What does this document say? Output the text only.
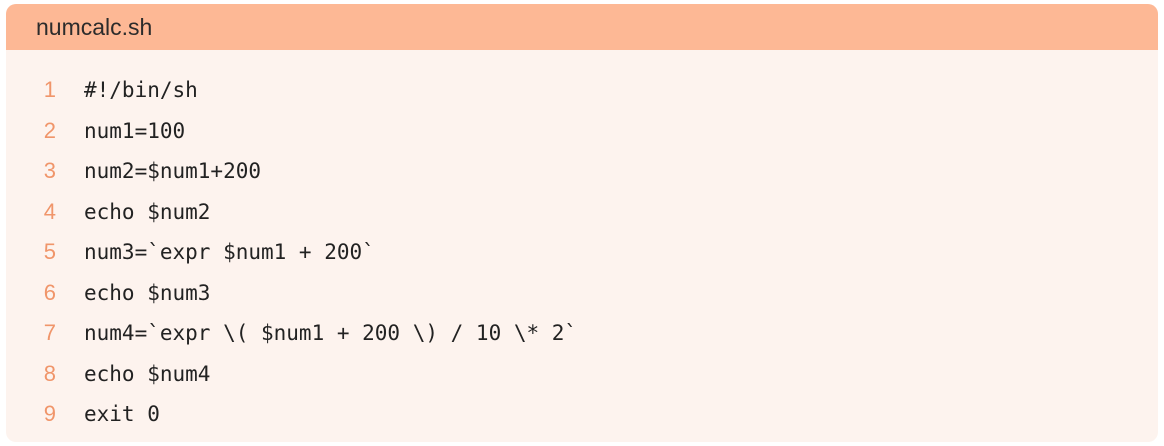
numcalc.sh
1	#!/bin/sh
2	num1=100
3	num2=$num1+200
4	echo $num2
5	num3=`expr $num1 + 200`
6	echo $num3
7	num4=`expr \( $num1 + 200 \) / 10 \* 2`
8	echo $num4
9	exit 0
